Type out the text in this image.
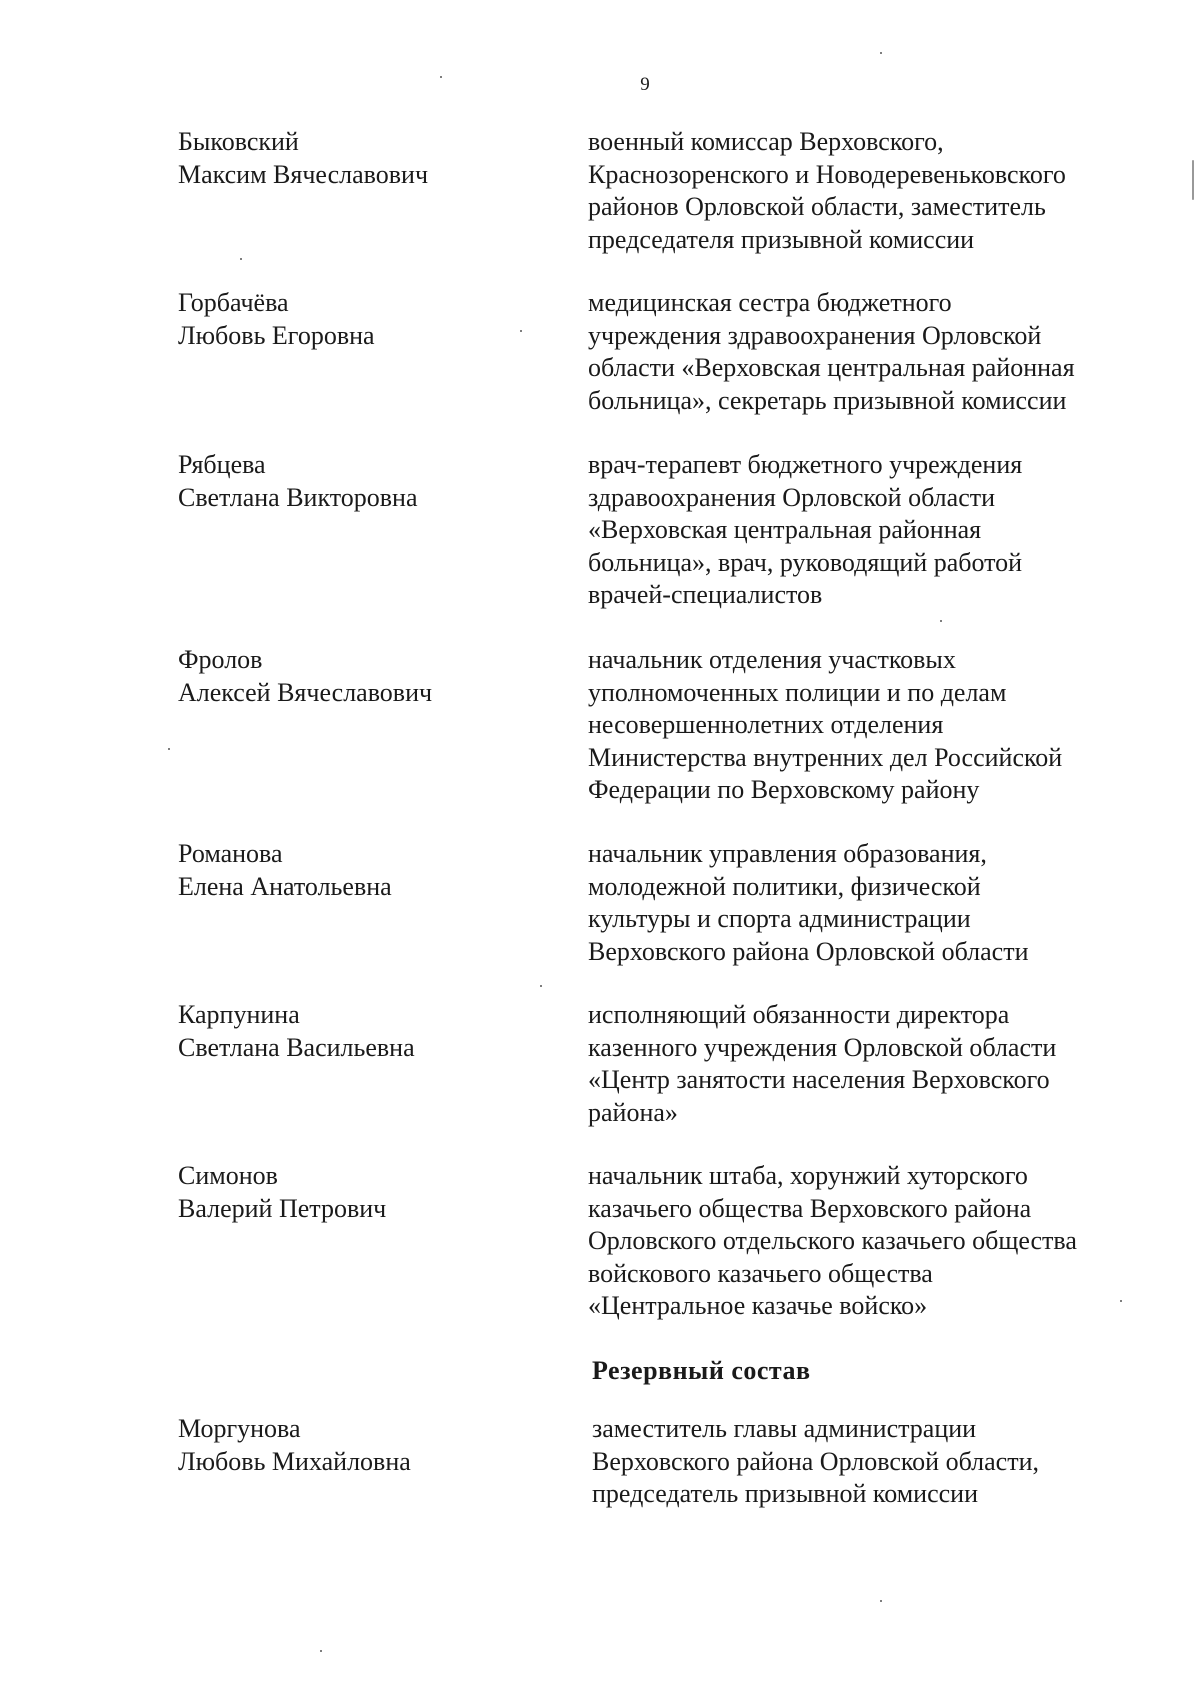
9
Быковский
Максим Вячеславович
военный комиссар Верховского,
Краснозоренского и Новодеревеньковского
районов Орловской области, заместитель
председателя призывной комиссии
Горбачёва
Любовь Егоровна
медицинская сестра бюджетного
учреждения здравоохранения Орловской
области «Верховская центральная районная
больница», секретарь призывной комиссии
Рябцева
Светлана Викторовна
врач-терапевт бюджетного учреждения
здравоохранения Орловской области
«Верховская центральная районная
больница», врач, руководящий работой
врачей-специалистов
Фролов
Алексей Вячеславович
начальник отделения участковых
уполномоченных полиции и по делам
несовершеннолетних отделения
Министерства внутренних дел Российской
Федерации по Верховскому району
Романова
Елена Анатольевна
начальник управления образования,
молодежной политики, физической
культуры и спорта администрации
Верховского района Орловской области
Карпунина
Светлана Васильевна
исполняющий обязанности директора
казенного учреждения Орловской области
«Центр занятости населения Верховского
района»
Симонов
Валерий Петрович
начальник штаба, хорунжий хуторского
казачьего общества Верховского района
Орловского отдельского казачьего общества
войскового казачьего общества
«Центральное казачье войско»
Резервный состав
Моргунова
Любовь Михайловна
заместитель главы администрации
Верховского района Орловской области,
председатель призывной комиссии
